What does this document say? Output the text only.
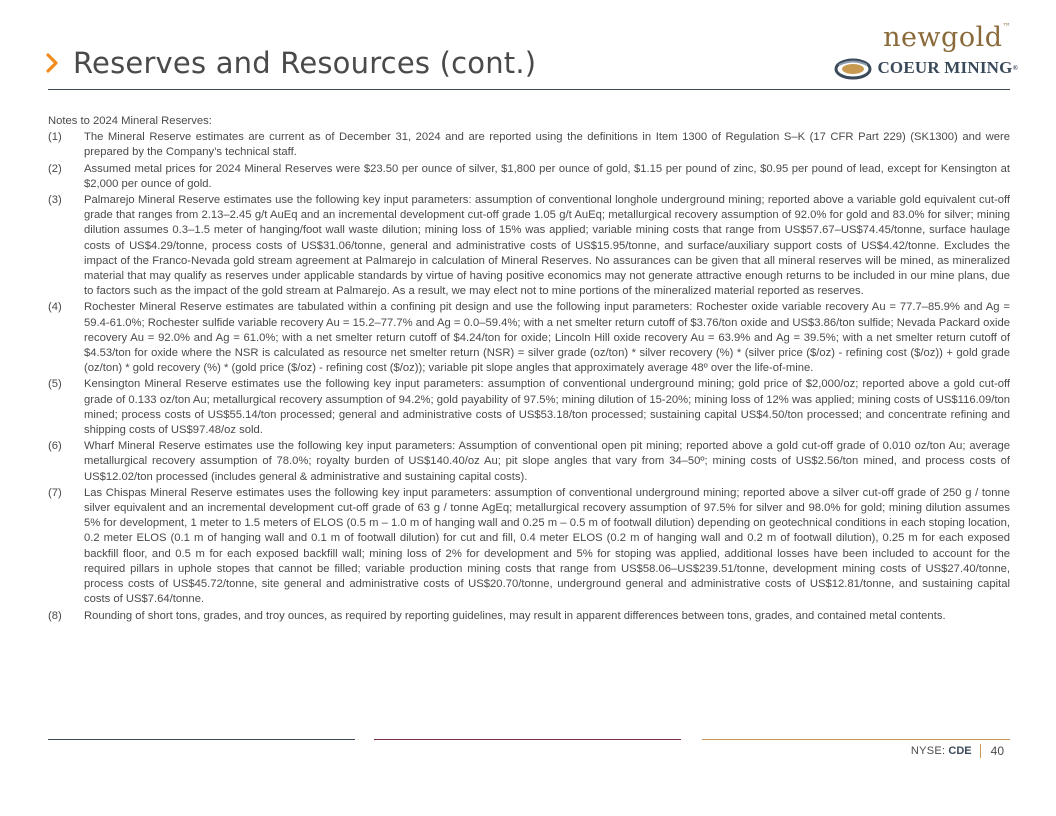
Reserves and Resources (cont.)
newgold™
COEUR MINING ®
Notes to 2024 Mineral Reserves:
(1)	The Mineral Reserve estimates are current as of December 31, 2024 and are reported using the definitions in Item 1300 of Regulation S–K (17 CFR Part 229) (SK1300) and were prepared by the Company’s technical staff.
(2)	Assumed metal prices for 2024 Mineral Reserves were $23.50 per ounce of silver, $1,800 per ounce of gold, $1.15 per pound of zinc, $0.95 per pound of lead, except for Kensington at $2,000 per ounce of gold.
(3)	Palmarejo Mineral Reserve estimates use the following key input parameters: assumption of conventional longhole underground mining; reported above a variable gold equivalent cut-off grade that ranges from 2.13–2.45 g/t AuEq and an incremental development cut-off grade 1.05 g/t AuEq; metallurgical recovery assumption of 92.0% for gold and 83.0% for silver; mining dilution assumes 0.3–1.5 meter of hanging/foot wall waste dilution; mining loss of 15% was applied; variable mining costs that range from US$57.67–US$74.45/tonne, surface haulage costs of US$4.29/tonne, process costs of US$31.06/tonne, general and administrative costs of US$15.95/tonne, and surface/auxiliary support costs of US$4.42/tonne. Excludes the impact of the Franco-Nevada gold stream agreement at Palmarejo in calculation of Mineral Reserves. No assurances can be given that all mineral reserves will be mined, as mineralized material that may qualify as reserves under applicable standards by virtue of having positive economics may not generate attractive enough returns to be included in our mine plans, due to factors such as the impact of the gold stream at Palmarejo. As a result, we may elect not to mine portions of the mineralized material reported as reserves.
(4)	Rochester Mineral Reserve estimates are tabulated within a confining pit design and use the following input parameters: Rochester oxide variable recovery Au = 77.7–85.9% and Ag = 59.4-61.0%; Rochester sulfide variable recovery Au = 15.2–77.7% and Ag = 0.0–59.4%; with a net smelter return cutoff of $3.76/ton oxide and US$3.86/ton sulfide; Nevada Packard oxide recovery Au = 92.0% and Ag = 61.0%; with a net smelter return cutoff of $4.24/ton for oxide; Lincoln Hill oxide recovery Au = 63.9% and Ag = 39.5%; with a net smelter return cutoff of $4.53/ton for oxide where the NSR is calculated as resource net smelter return (NSR) = silver grade (oz/ton) * silver recovery (%) * (silver price ($/oz) - refining cost ($/oz)) + gold grade (oz/ton) * gold recovery (%) * (gold price ($/oz) - refining cost ($/oz)); variable pit slope angles that approximately average 48º over the life-of-mine.
(5)	Kensington Mineral Reserve estimates use the following key input parameters: assumption of conventional underground mining; gold price of $2,000/oz; reported above a gold cut-off grade of 0.133 oz/ton Au; metallurgical recovery assumption of 94.2%; gold payability of 97.5%; mining dilution of 15-20%; mining loss of 12% was applied; mining costs of US$116.09/ton mined; process costs of US$55.14/ton processed; general and administrative costs of US$53.18/ton processed; sustaining capital US$4.50/ton processed; and concentrate refining and shipping costs of US$97.48/oz sold.
(6)	Wharf Mineral Reserve estimates use the following key input parameters: Assumption of conventional open pit mining; reported above a gold cut-off grade of 0.010 oz/ton Au; average metallurgical recovery assumption of 78.0%; royalty burden of US$140.40/oz Au; pit slope angles that vary from 34–50º; mining costs of US$2.56/ton mined, and process costs of US$12.02/ton processed (includes general & administrative and sustaining capital costs).
(7)	Las Chispas Mineral Reserve estimates uses the following key input parameters: assumption of conventional underground mining; reported above a silver cut-off grade of 250 g / tonne silver equivalent and an incremental development cut-off grade of 63 g / tonne AgEq; metallurgical recovery assumption of 97.5% for silver and 98.0% for gold; mining dilution assumes 5% for development, 1 meter to 1.5 meters of ELOS (0.5 m – 1.0 m of hanging wall and 0.25 m – 0.5 m of footwall dilution) depending on geotechnical conditions in each stoping location, 0.2 meter ELOS (0.1 m of hanging wall and 0.1 m of footwall dilution) for cut and fill, 0.4 meter ELOS (0.2 m of hanging wall and 0.2 m of footwall dilution), 0.25 m for each exposed backfill floor, and 0.5 m for each exposed backfill wall; mining loss of 2% for development and 5% for stoping was applied, additional losses have been included to account for the required pillars in uphole stopes that cannot be filled; variable production mining costs that range from US$58.06–US$239.51/tonne, development mining costs of US$27.40/tonne, process costs of US$45.72/tonne, site general and administrative costs of US$20.70/tonne, underground general and administrative costs of US$12.81/tonne, and sustaining capital costs of US$7.64/tonne.
(8)	Rounding of short tons, grades, and troy ounces, as required by reporting guidelines, may result in apparent differences between tons, grades, and contained metal contents.
NYSE: CDE 40
